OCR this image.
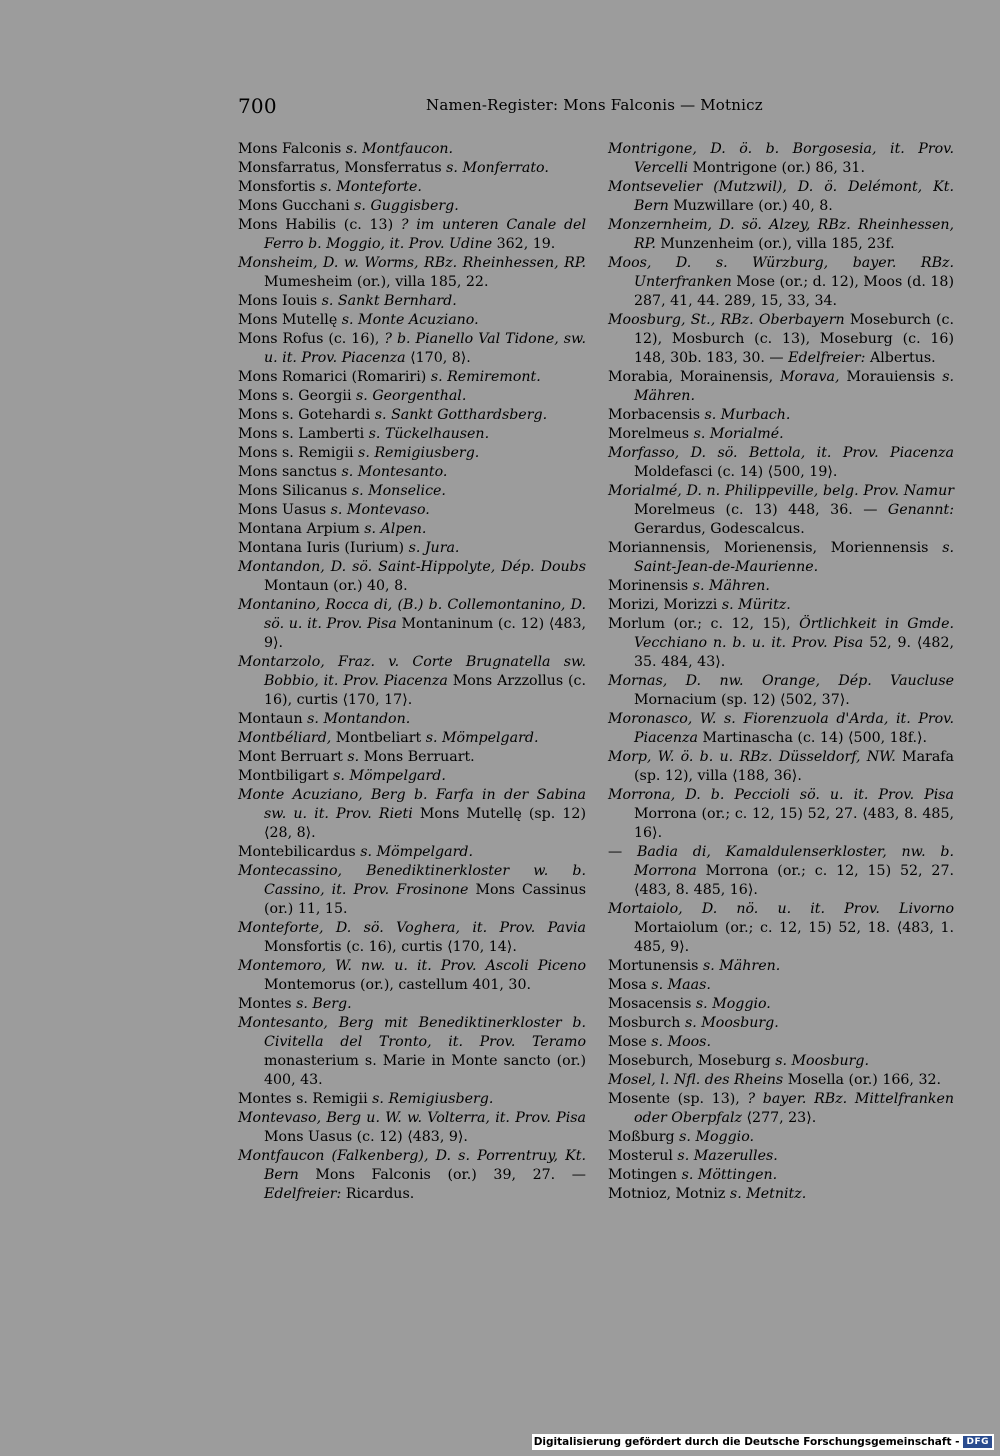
700	Namen-Register: Mons Falconis — Motnicz
Mons Falconis s. Montfaucon.
Monsfarratus, Monsferratus s. Monferrato.
Monsfortis s. Monteforte.
Mons Gucchani s. Guggisberg.
Mons Habilis (c. 13) ? im unteren Canale del Ferro b. Moggio, it. Prov. Udine 362, 19.
Monsheim, D. w. Worms, RBz. Rheinhessen, RP. Mumesheim (or.), villa 185, 22.
Mons Iouis s. Sankt Bernhard.
Mons Mutellę s. Monte Acuziano.
Mons Rofus (c. 16), ? b. Pianello Val Tidone, sw. u. it. Prov. Piacenza ⟨170, 8⟩.
Mons Romarici (Romariri) s. Remiremont.
Mons s. Georgii s. Georgenthal.
Mons s. Gotehardi s. Sankt Gotthardsberg.
Mons s. Lamberti s. Tückelhausen.
Mons s. Remigii s. Remigiusberg.
Mons sanctus s. Montesanto.
Mons Silicanus s. Monselice.
Mons Uasus s. Montevaso.
Montana Arpium s. Alpen.
Montana Iuris (Iurium) s. Jura.
Montandon, D. sö. Saint-Hippolyte, Dép. Doubs Montaun (or.) 40, 8.
Montanino, Rocca di, (B.) b. Collemontanino, D. sö. u. it. Prov. Pisa Montaninum (c. 12) ⟨483, 9⟩.
Montarzolo, Fraz. v. Corte Brugnatella sw. Bobbio, it. Prov. Piacenza Mons Arzzollus (c. 16), curtis ⟨170, 17⟩.
Montaun s. Montandon.
Montbéliard, Montbeliart s. Mömpelgard.
Mont Berruart s. Mons Berruart.
Montbiligart s. Mömpelgard.
Monte Acuziano, Berg b. Farfa in der Sabina sw. u. it. Prov. Rieti Mons Mutellę (sp. 12) ⟨28, 8⟩.
Montebilicardus s. Mömpelgard.
Montecassino, Benediktinerkloster w. b. Cassino, it. Prov. Frosinone Mons Cassinus (or.) 11, 15.
Monteforte, D. sö. Voghera, it. Prov. Pavia Monsfortis (c. 16), curtis ⟨170, 14⟩.
Montemoro, W. nw. u. it. Prov. Ascoli Piceno Montemorus (or.), castellum 401, 30.
Montes s. Berg.
Montesanto, Berg mit Benediktinerkloster b. Civitella del Tronto, it. Prov. Teramo monasterium s. Marie in Monte sancto (or.) 400, 43.
Montes s. Remigii s. Remigiusberg.
Montevaso, Berg u. W. w. Volterra, it. Prov. Pisa Mons Uasus (c. 12) ⟨483, 9⟩.
Montfaucon (Falkenberg), D. s. Porrentruy, Kt. Bern Mons Falconis (or.) 39, 27. — Edelfreier: Ricardus.
Montrigone, D. ö. b. Borgosesia, it. Prov. Vercelli Montrigone (or.) 86, 31.
Montsevelier (Mutzwil), D. ö. Delémont, Kt. Bern Muzwillare (or.) 40, 8.
Monzernheim, D. sö. Alzey, RBz. Rheinhessen, RP. Munzenheim (or.), villa 185, 23f.
Moos, D. s. Würzburg, bayer. RBz. Unterfranken Mose (or.; d. 12), Moos (d. 18) 287, 41, 44. 289, 15, 33, 34.
Moosburg, St., RBz. Oberbayern Moseburch (c. 12), Mosburch (c. 13), Moseburg (c. 16) 148, 30b. 183, 30. — Edelfreier: Albertus.
Morabia, Morainensis, Morava, Morauiensis s. Mähren.
Morbacensis s. Murbach.
Morelmeus s. Morialmé.
Morfasso, D. sö. Bettola, it. Prov. Piacenza Moldefasci (c. 14) ⟨500, 19⟩.
Morialmé, D. n. Philippeville, belg. Prov. Namur Morelmeus (c. 13) 448, 36. — Genannt: Gerardus, Godescalcus.
Moriannensis, Morienensis, Moriennensis s. Saint-Jean-de-Maurienne.
Morinensis s. Mähren.
Morizi, Morizzi s. Müritz.
Morlum (or.; c. 12, 15), Örtlichkeit in Gmde. Vecchiano n. b. u. it. Prov. Pisa 52, 9. ⟨482, 35. 484, 43⟩.
Mornas, D. nw. Orange, Dép. Vaucluse Mornacium (sp. 12) ⟨502, 37⟩.
Moronasco, W. s. Fiorenzuola d'Arda, it. Prov. Piacenza Martinascha (c. 14) ⟨500, 18f.⟩.
Morp, W. ö. b. u. RBz. Düsseldorf, NW. Marafa (sp. 12), villa ⟨188, 36⟩.
Morrona, D. b. Peccioli sö. u. it. Prov. Pisa Morrona (or.; c. 12, 15) 52, 27. ⟨483, 8. 485, 16⟩.
— Badia di, Kamaldulenserkloster, nw. b. Morrona Morrona (or.; c. 12, 15) 52, 27. ⟨483, 8. 485, 16⟩.
Mortaiolo, D. nö. u. it. Prov. Livorno Mortaiolum (or.; c. 12, 15) 52, 18. ⟨483, 1. 485, 9⟩.
Mortunensis s. Mähren.
Mosa s. Maas.
Mosacensis s. Moggio.
Mosburch s. Moosburg.
Mose s. Moos.
Moseburch, Moseburg s. Moosburg.
Mosel, l. Nfl. des Rheins Mosella (or.) 166, 32.
Mosente (sp. 13), ? bayer. RBz. Mittelfranken oder Oberpfalz ⟨277, 23⟩.
Moßburg s. Moggio.
Mosterul s. Mazerulles.
Motingen s. Möttingen.
Motnioz, Motniz s. Metnitz.
Digitalisierung gefördert durch die Deutsche Forschungsgemeinschaft - DFG
